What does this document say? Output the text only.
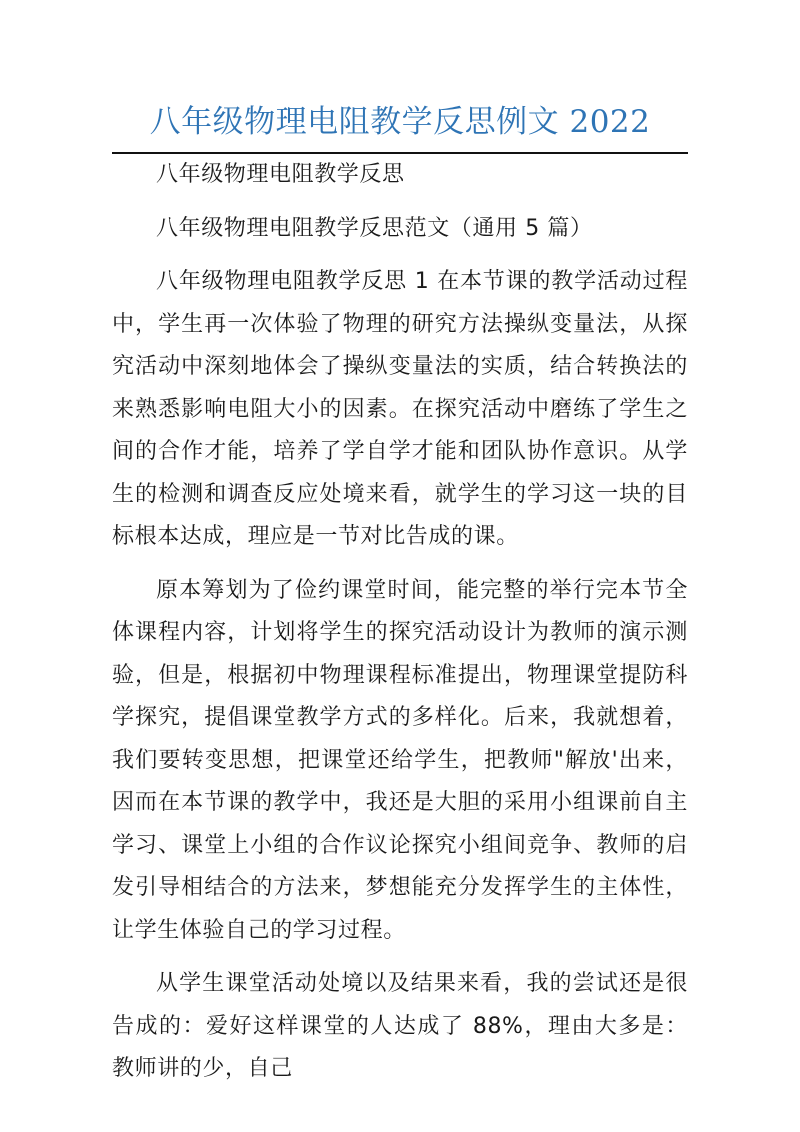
八年级物理电阻教学反思例文 2022

八年级物理电阻教学反思

八年级物理电阻教学反思范文（通用 5 篇）

八年级物理电阻教学反思 1 在本节课的教学活动过程中，学生再一次体验了物理的研究方法操纵变量法，从探究活动中深刻地体会了操纵变量法的实质，结合转换法的来熟悉影响电阻大小的因素。在探究活动中磨练了学生之间的合作才能，培养了学自学才能和团队协作意识。从学生的检测和调查反应处境来看，就学生的学习这一块的目标根本达成，理应是一节对比告成的课。

原本筹划为了俭约课堂时间，能完整的举行完本节全体课程内容，计划将学生的探究活动设计为教师的演示测验，但是，根据初中物理课程标准提出，物理课堂提防科学探究，提倡课堂教学方式的多样化。后来，我就想着，我们要转变思想，把课堂还给学生，把教师"解放'出来，因而在本节课的教学中，我还是大胆的采用小组课前自主学习、课堂上小组的合作议论探究小组间竞争、教师的启发引导相结合的方法来，梦想能充分发挥学生的主体性，让学生体验自己的学习过程。

从学生课堂活动处境以及结果来看，我的尝试还是很告成的：爱好这样课堂的人达成了 88%，理由大多是：教师讲的少，自己
